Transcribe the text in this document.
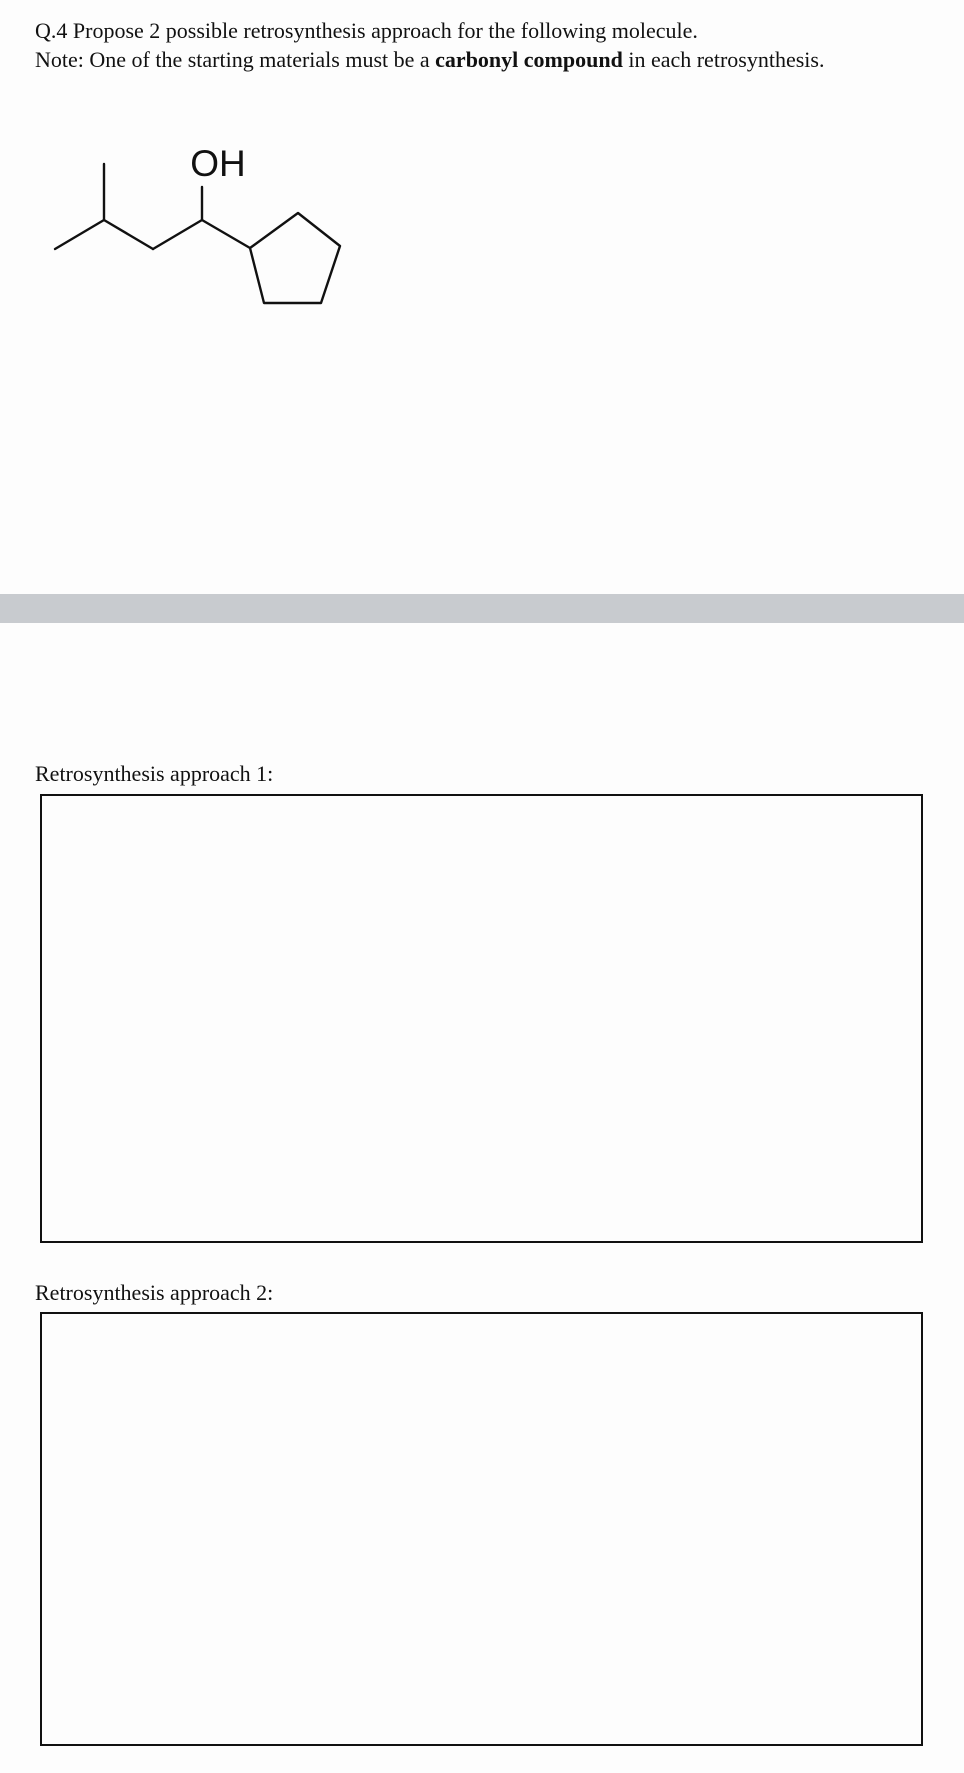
Q.4 Propose 2 possible retrosynthesis approach for the following molecule.

Note: One of the starting materials must be a carbonyl compound in each retrosynthesis.

OH
Retrosynthesis approach 1:
Retrosynthesis approach 2:
